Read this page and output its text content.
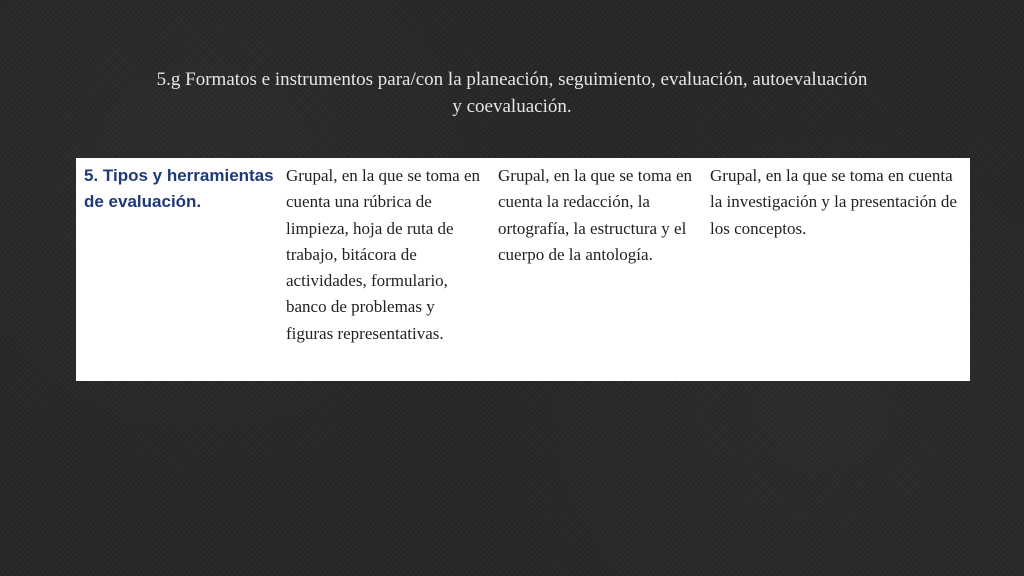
5.g Formatos e instrumentos para/con la planeación, seguimiento, evaluación, autoevaluación
y coevaluación.
5. Tipos y herramientas de evaluación.	Grupal, en la que se toma en cuenta una rúbrica de limpieza, hoja de ruta de trabajo, bitácora de actividades, formulario, banco de problemas y figuras representativas.	Grupal, en la que se toma en cuenta la redacción, la ortografía, la estructura y el cuerpo de la antología.	Grupal, en la que se toma en cuenta la investigación y la presentación de los conceptos.
